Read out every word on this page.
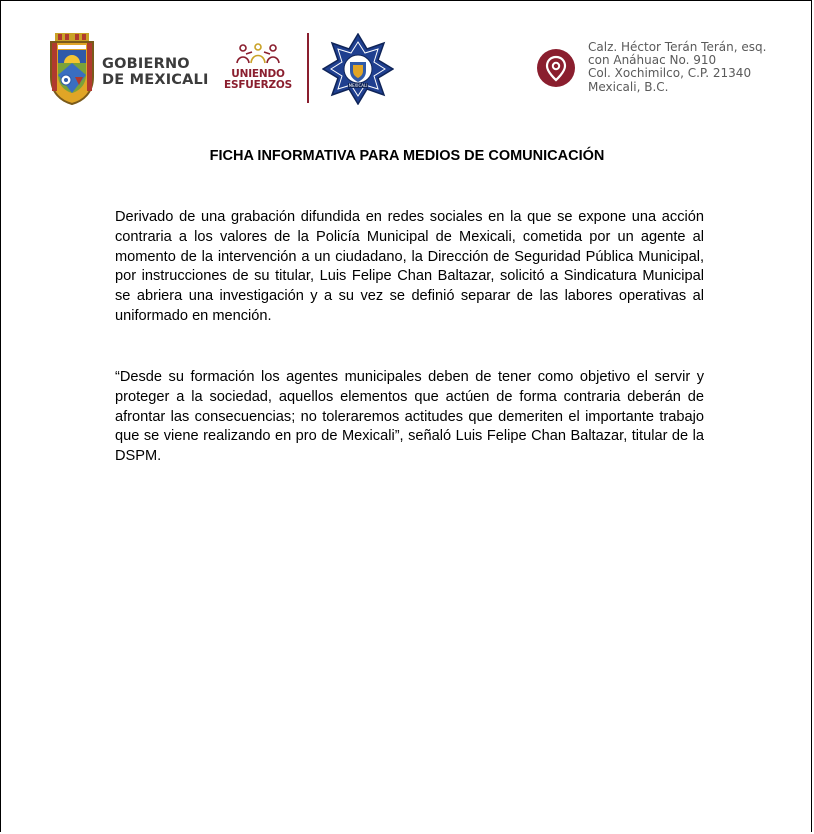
GOBIERNO
DE MEXICALI	UNIENDO
ESFUERZOS	MEXICALI
Calz. Héctor Terán Terán, esq.
con Anáhuac No. 910
Col. Xochimilco, C.P. 21340
Mexicali, B.C.
FICHA INFORMATIVA PARA MEDIOS DE COMUNICACIÓN

Derivado de una grabación difundida en redes sociales en la que se expone una acción contraria a los valores de la Policía Municipal de Mexicali, cometida por un agente al momento de la intervención a un ciudadano, la Dirección de Seguridad Pública Municipal, por instrucciones de su titular, Luis Felipe Chan Baltazar, solicitó a Sindicatura Municipal se abriera una investigación y a su vez se definió separar de las labores operativas al uniformado en mención.

“Desde su formación los agentes municipales deben de tener como objetivo el servir y proteger a la sociedad, aquellos elementos que actúen de forma contraria deberán de afrontar las consecuencias; no toleraremos actitudes que demeriten el importante trabajo que se viene realizando en pro de Mexicali”, señaló Luis Felipe Chan Baltazar, titular de la DSPM.
